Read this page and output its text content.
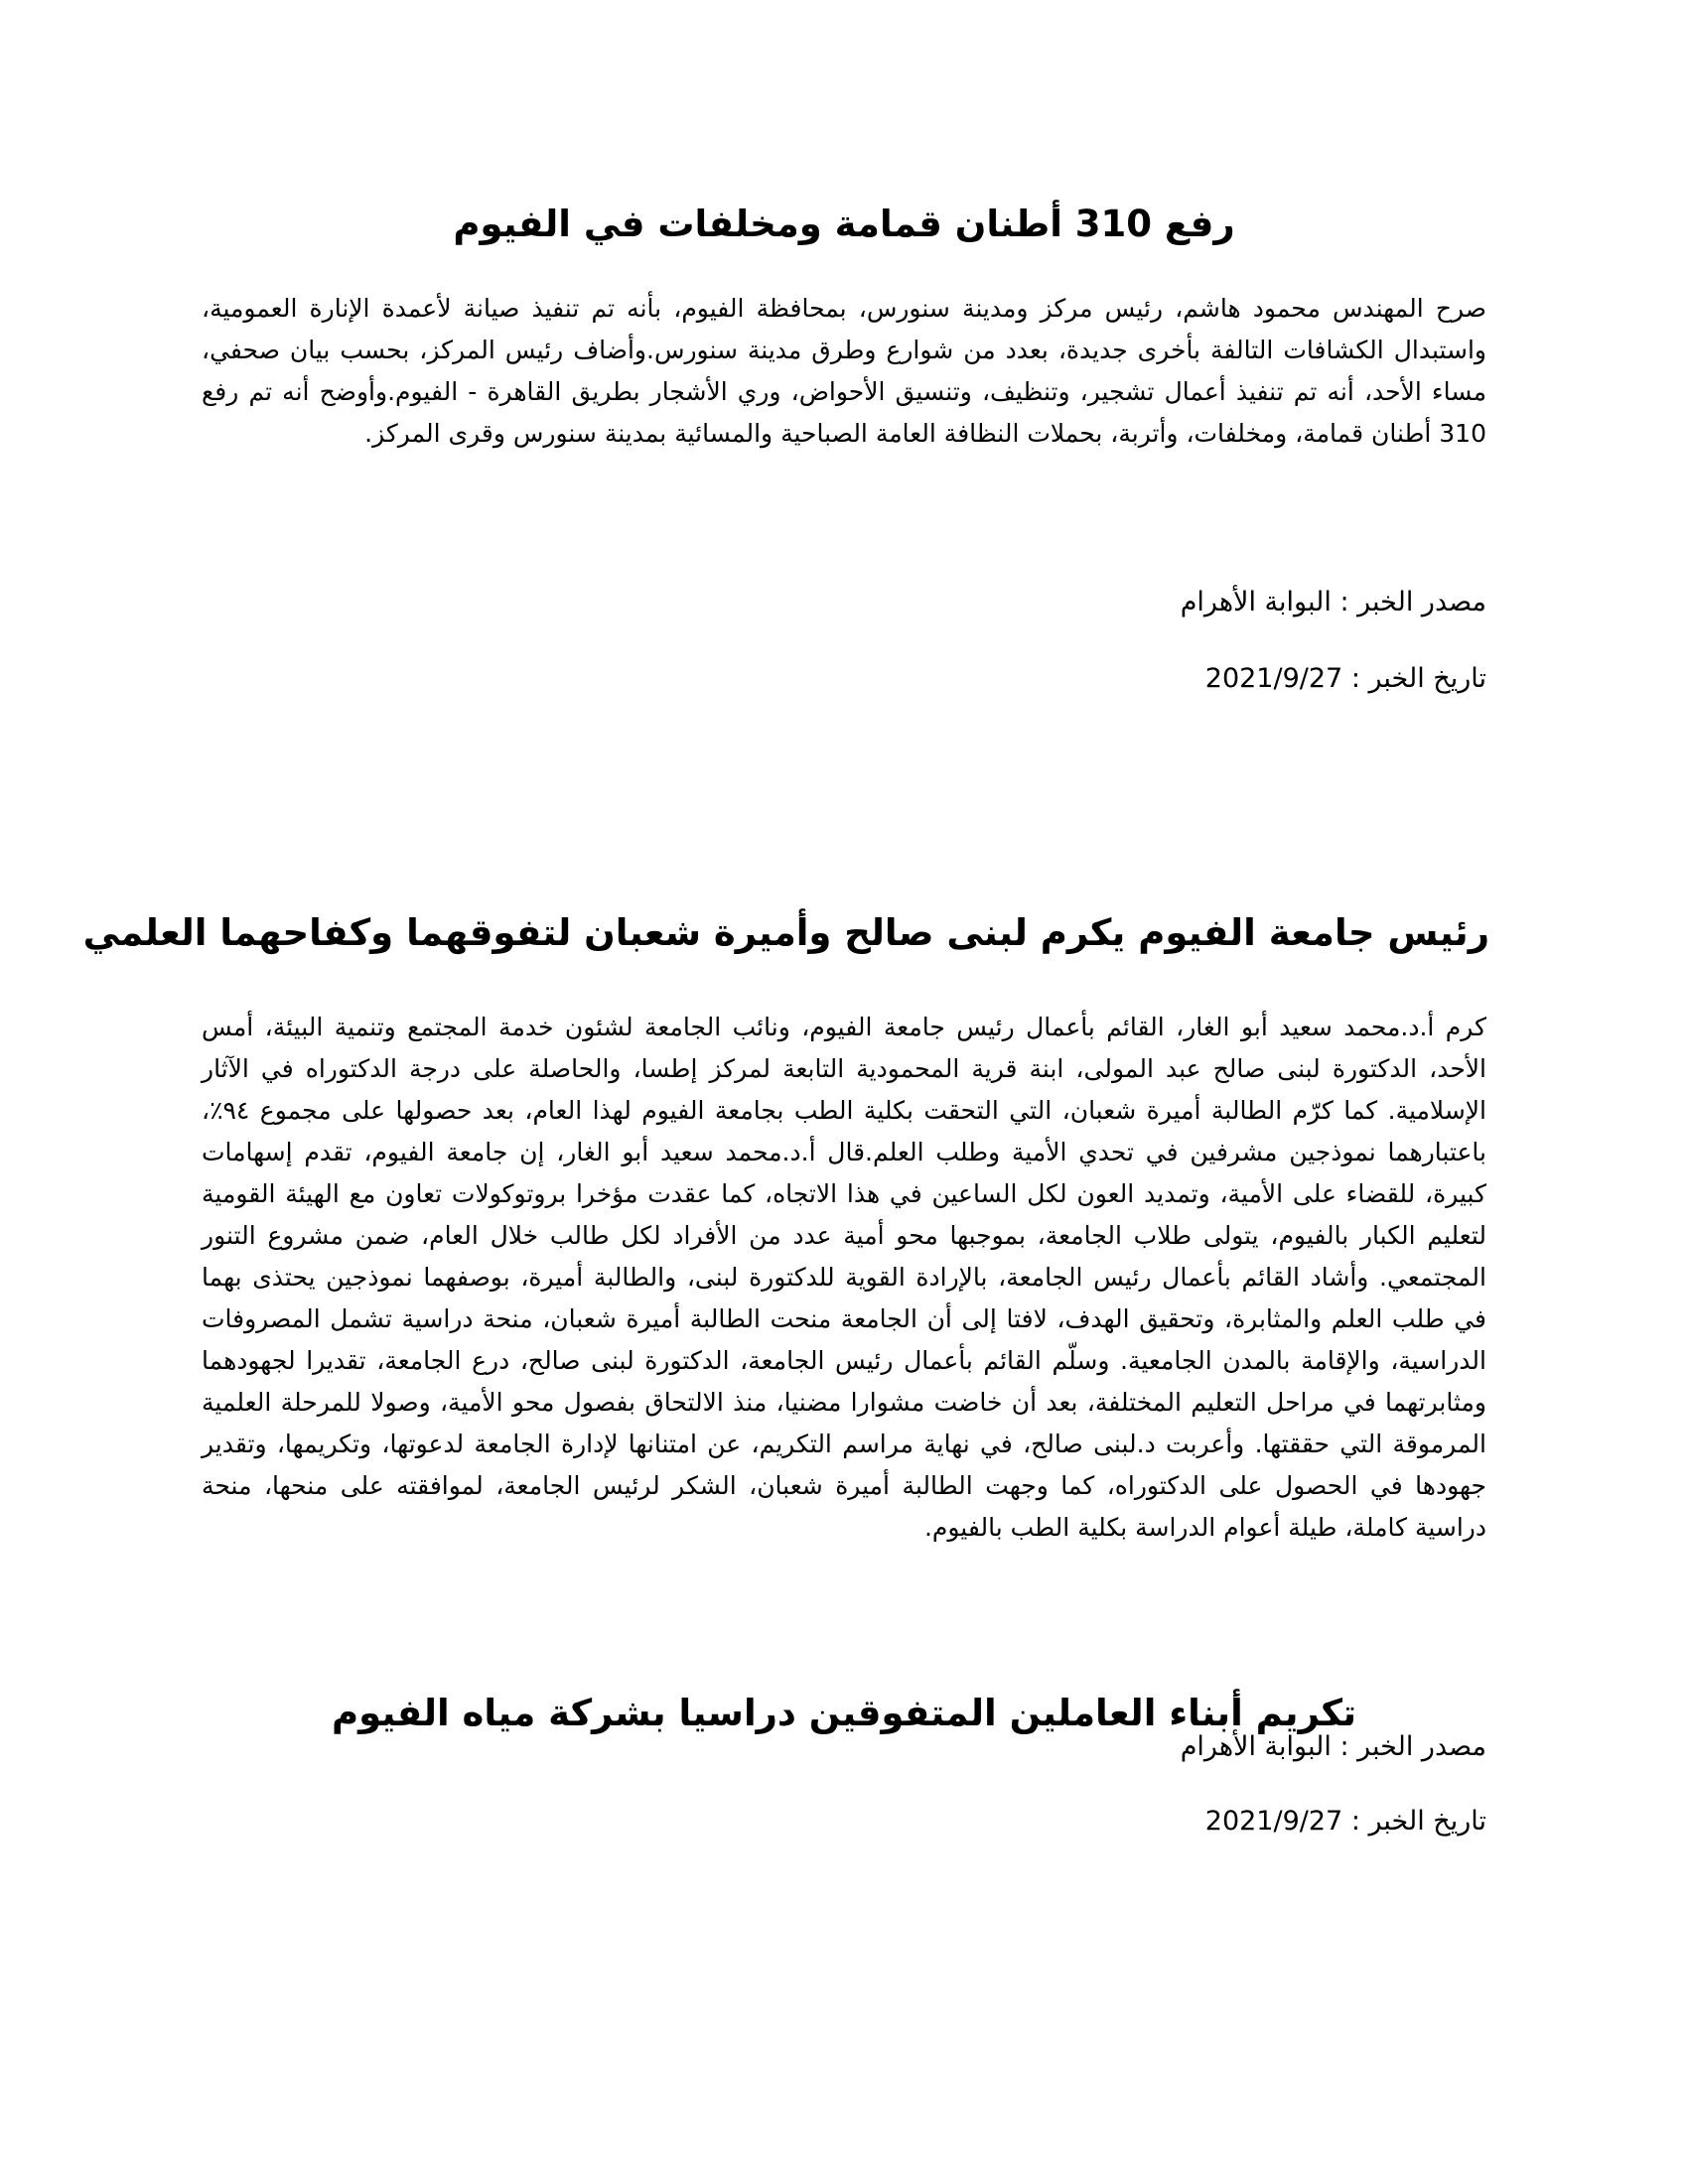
رفع 310 أطنان قمامة ومخلفات في الفيوم

صرح المهندس محمود هاشم، رئيس مركز ومدينة سنورس، بمحافظة الفيوم، بأنه تم تنفيذ صيانة لأعمدة الإنارة العمومية، واستبدال الكشافات التالفة بأخرى جديدة، بعدد من شوارع وطرق مدينة سنورس.وأضاف رئيس المركز، بحسب بيان صحفي، مساء الأحد، أنه تم تنفيذ أعمال تشجير، وتنظيف، وتنسيق الأحواض، وري الأشجار بطريق القاهرة - الفيوم.وأوضح أنه تم رفع 310 أطنان قمامة، ومخلفات، وأتربة، بحملات النظافة العامة الصباحية والمسائية بمدينة سنورس وقرى المركز.

مصدر الخبر : البوابة الأهرام

تاريخ الخبر : 2021/9/27

رئيس جامعة الفيوم يكرم لبنى صالح وأميرة شعبان لتفوقهما وكفاحهما العلمي

كرم أ.د.محمد سعيد أبو الغار، القائم بأعمال رئيس جامعة الفيوم، ونائب الجامعة لشئون خدمة المجتمع وتنمية البيئة، أمس الأحد، الدكتورة لبنى صالح عبد المولى، ابنة قرية المحمودية التابعة لمركز إطسا، والحاصلة على درجة الدكتوراه في الآثار الإسلامية. كما كرّم الطالبة أميرة شعبان، التي التحقت بكلية الطب بجامعة الفيوم لهذا العام، بعد حصولها على مجموع ٩٤٪، باعتبارهما نموذجين مشرفين في تحدي الأمية وطلب العلم.قال أ.د.محمد سعيد أبو الغار، إن جامعة الفيوم، تقدم إسهامات كبيرة، للقضاء على الأمية، وتمديد العون لكل الساعين في هذا الاتجاه، كما عقدت مؤخرا بروتوكولات تعاون مع الهيئة القومية لتعليم الكبار بالفيوم، يتولى طلاب الجامعة، بموجبها محو أمية عدد من الأفراد لكل طالب خلال العام، ضمن مشروع التنور المجتمعي. وأشاد القائم بأعمال رئيس الجامعة، بالإرادة القوية للدكتورة لبنى، والطالبة أميرة، بوصفهما نموذجين يحتذى بهما في طلب العلم والمثابرة، وتحقيق الهدف، لافتا إلى أن الجامعة منحت الطالبة أميرة شعبان، منحة دراسية تشمل المصروفات الدراسية، والإقامة بالمدن الجامعية. وسلّم القائم بأعمال رئيس الجامعة، الدكتورة لبنى صالح، درع الجامعة، تقديرا لجهودهما ومثابرتهما في مراحل التعليم المختلفة، بعد أن خاضت مشوارا مضنيا، منذ الالتحاق بفصول محو الأمية، وصولا للمرحلة العلمية المرموقة التي حققتها. وأعربت د.لبنى صالح، في نهاية مراسم التكريم، عن امتنانها لإدارة الجامعة لدعوتها، وتكريمها، وتقدير جهودها في الحصول على الدكتوراه، كما وجهت الطالبة أميرة شعبان، الشكر لرئيس الجامعة، لموافقته على منحها، منحة دراسية كاملة، طيلة أعوام الدراسة بكلية الطب بالفيوم.

مصدر الخبر : البوابة الأهرام

تاريخ الخبر : 2021/9/27

تكريم أبناء العاملين المتفوقين دراسيا بشركة مياه الفيوم
